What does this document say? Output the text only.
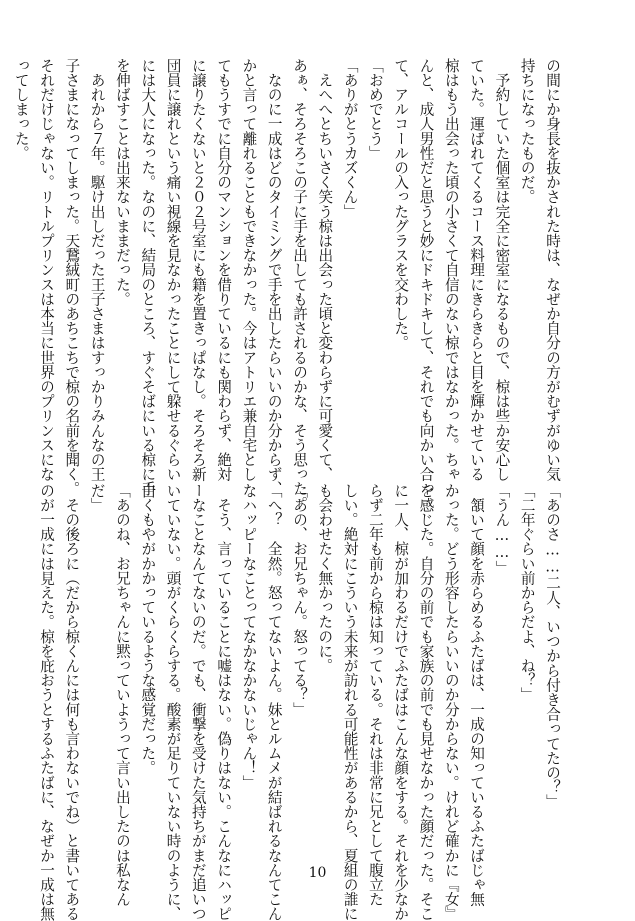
の間にか身長を抜かされた時は、なぜか自分の方がむずがゆい気
持ちになったものだ。
　予約していた個室は完全に密室になるもので、椋は些か安心し
ていた。運ばれてくるコース料理にきらきらと目を輝かせている
椋はもう出会った頃の小さくて自信のない椋ではなかった。ちゃ
んと、成人男性だと思うと妙にドキドキして、それでも向かい合っ
て、アルコールの入ったグラスを交わした。
「おめでとう」
「ありがとうカズくん」
　えへへとちいさく笑う椋は出会った頃と変わらずに可愛くて、
あぁ、そろそろこの子に手を出しても許されるのかな、そう思った。
　なのに一成はどのタイミングで手を出したらいいのか分からず、
かと言って離れることもできなかった。今はアトリエ兼自宅とし
てもうすでに自分のマンションを借りているにも関わらず、絶対
に譲りたくないと２０２号室にも籍を置きっぱなし。そろそろ新
団員に譲れという痛い視線を見なかったことにして躱せるぐらい
には大人になった。なのに、結局のところ、すぐそばにいる椋に手
を伸ばすことは出来ないままだった。
　あれから７年。駆け出しだった王子さまはすっかりみんなの王
子さまになってしまった。天鵞絨町のあちこちで椋の名前を聞く。
それだけじゃない。リトルプリンスは本当に世界のプリンスにな
ってしまった。
「あのさ……二人、いつから付き合ってたの？」
「二年ぐらい前からだよ、ね？」
「うん……」
　頷いて顔を赤らめるふたばは、一成の知っているふたばじゃ無
かった。どう形容したらいいのか分からない。けれど確かに『女』
を感じた。自分の前でも家族の前でも見せなかった顔だった。そこ
に一人、椋が加わるだけでふたばはこんな顔をする。それを少なか
らず二年も前から椋は知っている。それは非常に兄として腹立た
しい。絶対にこういう未来が訪れる可能性があるから、夏組の誰に
も会わせたく無かったのに。
「あの、お兄ちゃん。怒ってる？」
「へ？　全然。怒ってないよん。妹とルムメが結ばれるなんてこん
なハッピーなことってなかなかないじゃん！」
　そう、言っていることに嘘はない。偽りはない。こんなにハッピ
ーなことなんてないのだ。でも、衝撃を受けた気持ちがまだ追いつ
いていない。頭がくらくらする。酸素が足りていない時のように、
白くもやがかかっているような感覚だった。
「あのね、お兄ちゃんに黙っていようって言い出したのは私なん
だ」
　その後ろに（だから椋くんには何も言わないでね）と書いてある
のが一成には見えた。椋を庇おうとするふたばに、なぜか一成は無	10
